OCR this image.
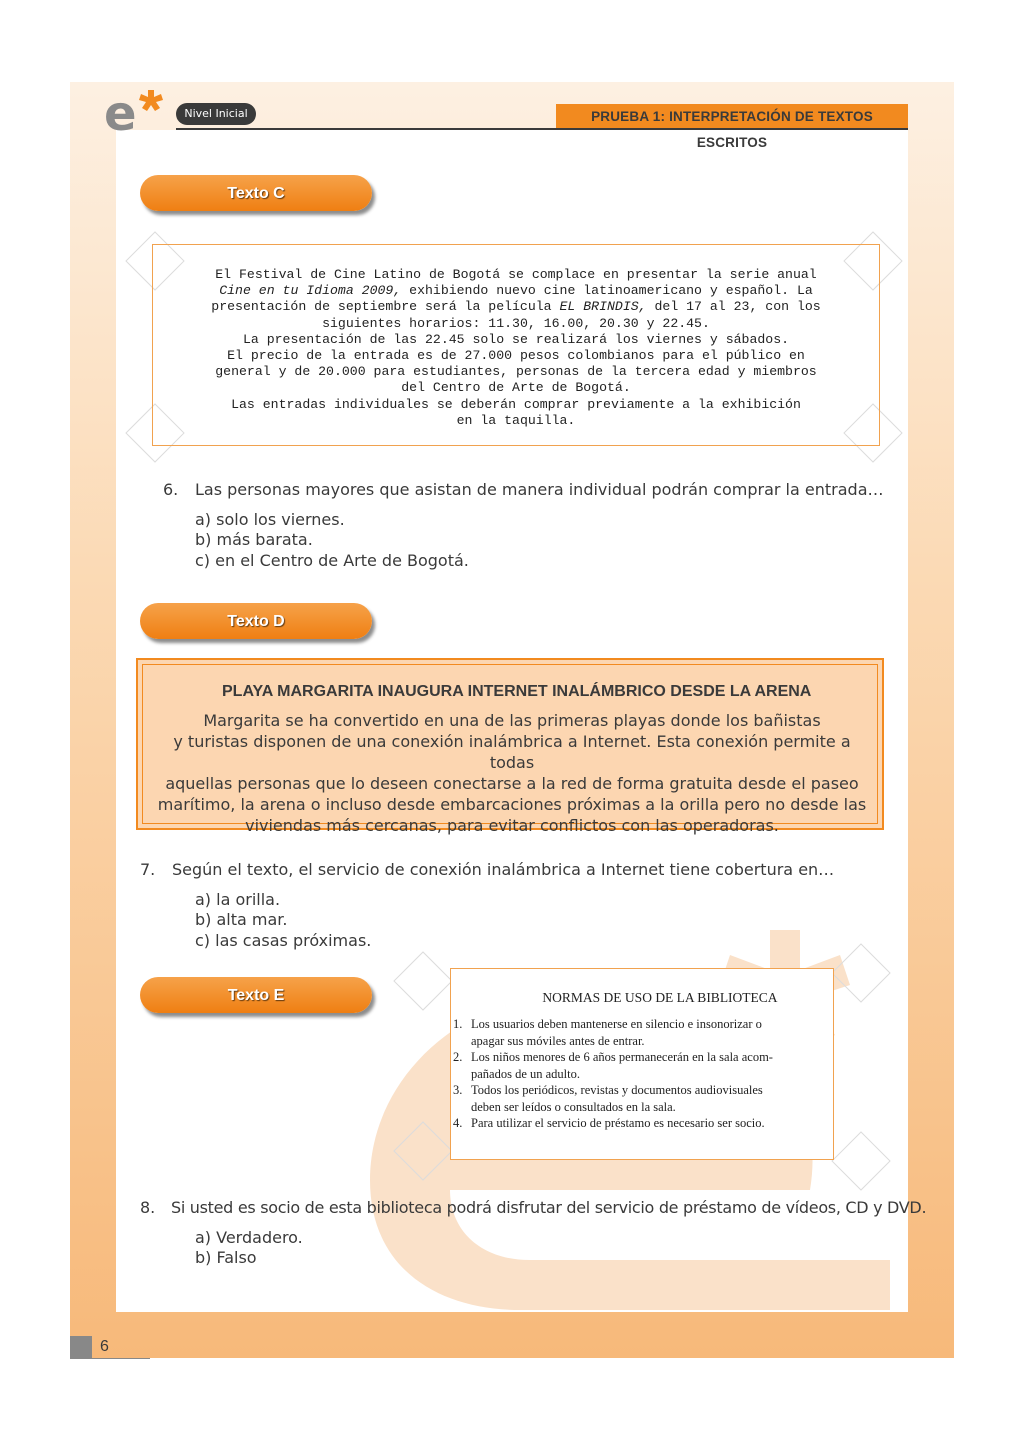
e	Nivel Inicial	PRUEBA 1: INTERPRETACIÓN DE TEXTOS ESCRITOS
Texto C
El Festival de Cine Latino de Bogotá se complace en presentar la serie anual
Cine en tu Idioma 2009, exhibiendo nuevo cine latinoamericano y español. La
presentación de septiembre será la película EL BRINDIS, del 17 al 23, con los
siguientes horarios: 11.30, 16.00, 20.30 y 22.45.
La presentación de las 22.45 solo se realizará los viernes y sábados.
El precio de la entrada es de 27.000 pesos colombianos para el público en
general y de 20.000 para estudiantes, personas de la tercera edad y miembros
del Centro de Arte de Bogotá.
Las entradas individuales se deberán comprar previamente a la exhibición
en la taquilla.
6. Las personas mayores que asistan de manera individual podrán comprar la entrada…
a) solo los viernes.
b) más barata.
c) en el Centro de Arte de Bogotá.
Texto D
PLAYA MARGARITA INAUGURA INTERNET INALÁMBRICO DESDE LA ARENA
Margarita se ha convertido en una de las primeras playas donde los bañistas
y turistas disponen de una conexión inalámbrica a Internet. Esta conexión permite a todas
aquellas personas que lo deseen conectarse a la red de forma gratuita desde el paseo
marítimo, la arena o incluso desde embarcaciones próximas a la orilla pero no desde las
viviendas más cercanas, para evitar conflictos con las operadoras.
7. Según el texto, el servicio de conexión inalámbrica a Internet tiene cobertura en…
a) la orilla.
b) alta mar.
c) las casas próximas.
Texto E	NORMAS DE USO DE LA BIBLIOTECA
1. Los usuarios deben mantenerse en silencio e insonorizar o
apagar sus móviles antes de entrar.
2. Los niños menores de 6 años permanecerán en la sala acom-
pañados de un adulto.
3. Todos los periódicos, revistas y documentos audiovisuales
deben ser leídos o consultados en la sala.
4. Para utilizar el servicio de préstamo es necesario ser socio.
8. Si usted es socio de esta biblioteca podrá disfrutar del servicio de préstamo de vídeos, CD y DVD.
a) Verdadero.
b) Falso
6
